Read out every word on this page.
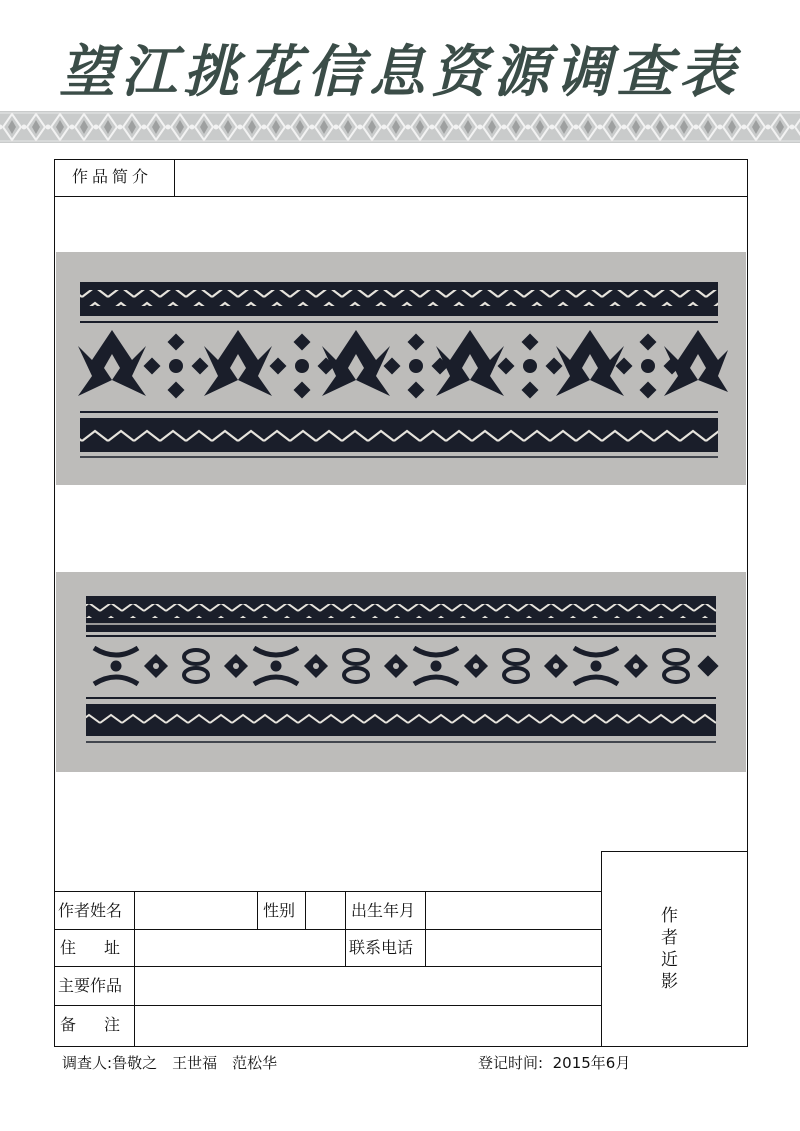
望江挑花信息资源调查表
作品简介
作者姓名	性别	出生年月
住　址	联系电话
主要作品
备　注
作者近影
调查人:鲁敬之　王世福　范松华	登记时间: 2015年6月
